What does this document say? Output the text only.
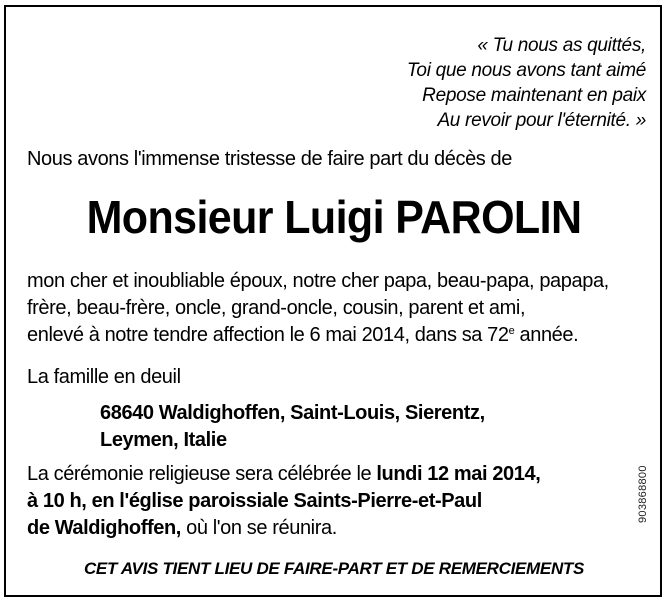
« Tu nous as quittés,
Toi que nous avons tant aimé
Repose maintenant en paix
Au revoir pour l'éternité. »
Nous avons l'immense tristesse de faire part du décès de
Monsieur Luigi PAROLIN
mon cher et inoubliable époux, notre cher papa, beau-papa, papapa,
frère, beau-frère, oncle, grand-oncle, cousin, parent et ami,
enlevé à notre tendre affection le 6 mai 2014, dans sa 72e année.
La famille en deuil
68640 Waldighoffen, Saint-Louis, Sierentz,
Leymen, Italie
La cérémonie religieuse sera célébrée le lundi 12 mai 2014,
à 10 h, en l'église paroissiale Saints-Pierre-et-Paul
de Waldighoffen, où l'on se réunira.
CET AVIS TIENT LIEU DE FAIRE-PART ET DE REMERCIEMENTS
903868800
